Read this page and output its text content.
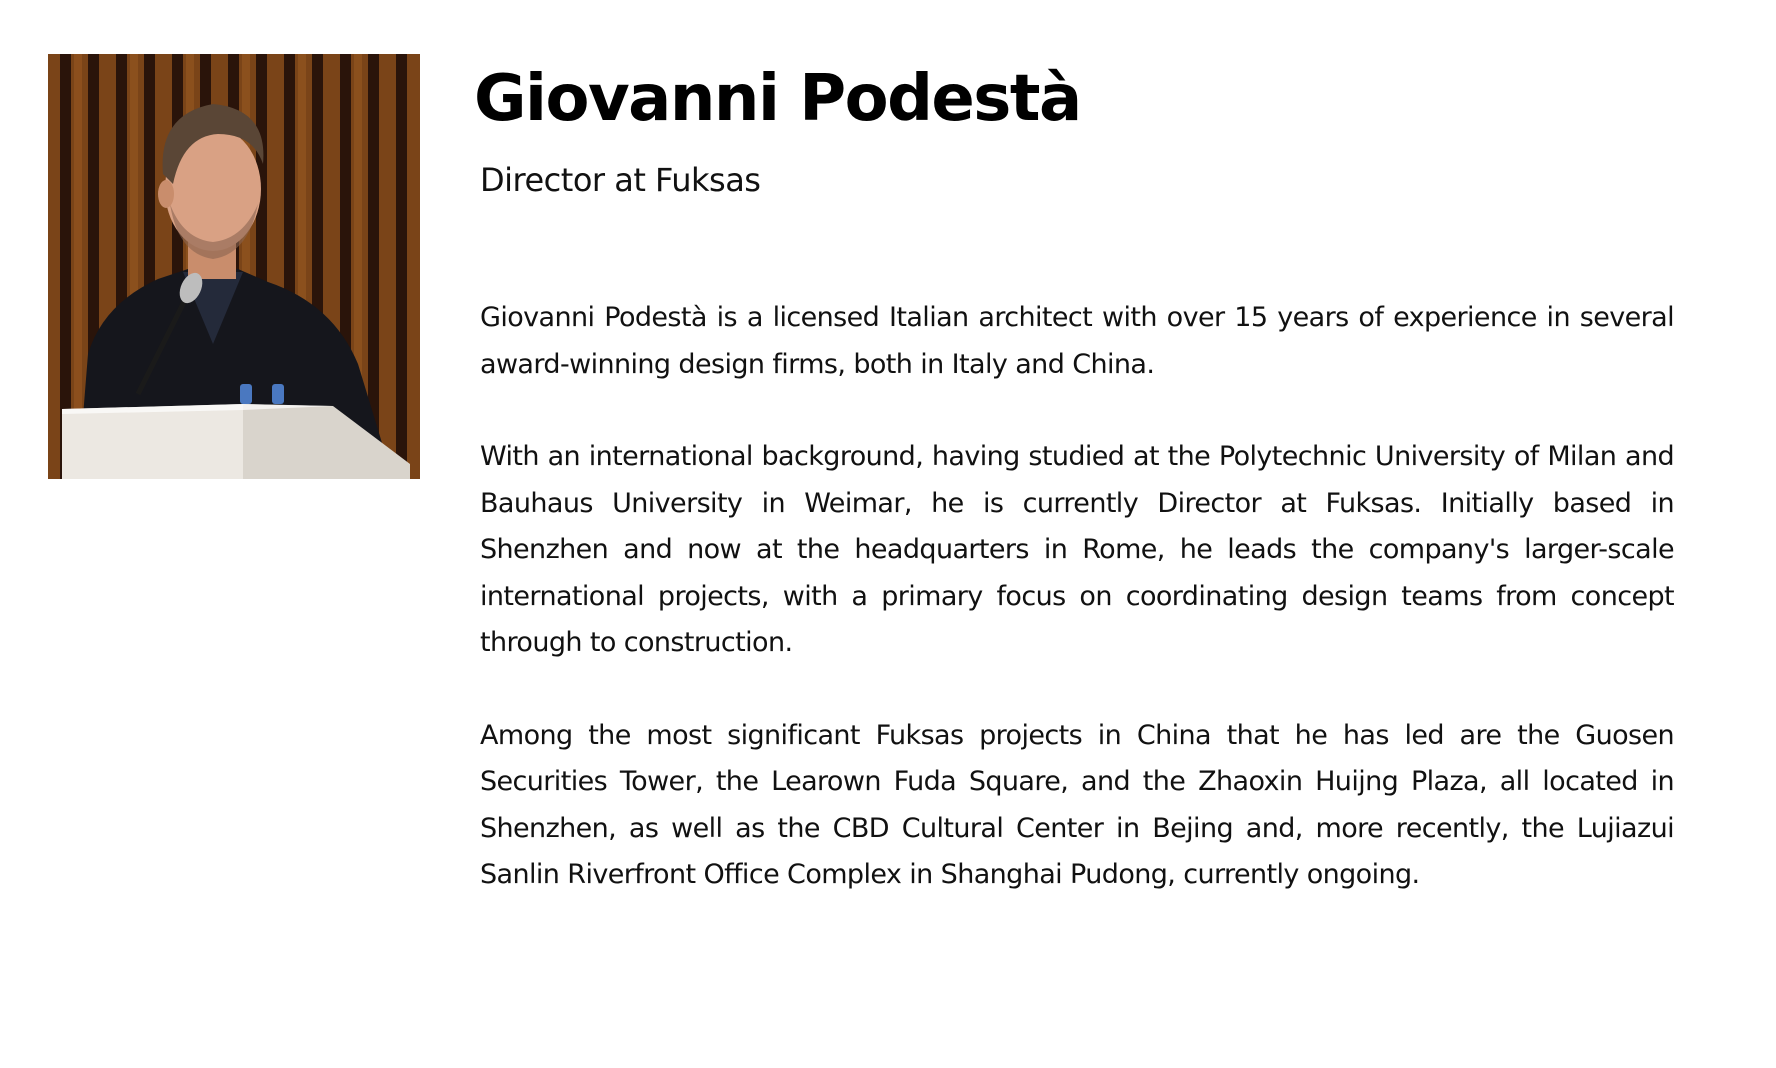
Giovanni Podestà
Director at Fuksas

Giovanni Podestà is a licensed Italian architect with over 15 years of experience in several award-winning design firms, both in Italy and China.

With an international background, having studied at the Polytechnic University of Milan and Bauhaus University in Weimar, he is currently Director at Fuksas. Initially based in Shenzhen and now at the headquarters in Rome, he leads the company's larger-scale international projects, with a primary focus on coordinating design teams from concept through to construction.

Among the most significant Fuksas projects in China that he has led are the Guosen Securities Tower, the Learown Fuda Square, and the Zhaoxin Huijng Plaza, all located in Shenzhen, as well as the CBD Cultural Center in Bejing and, more recently, the Lujiazui Sanlin Riverfront Office Complex in Shanghai Pudong, currently ongoing.
